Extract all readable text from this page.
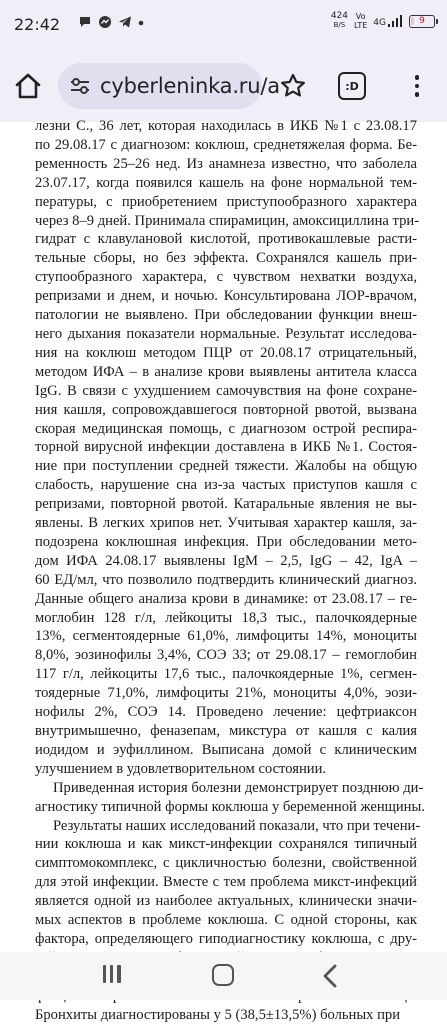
22:42	424
B/S
Vo
LTE 4G	9
cyberleninka.ru/a	:D
лезни С., 36 лет, которая находилась в ИКБ №1 с 23.08.17
по 29.08.17 с диагнозом: коклюш, среднетяжелая форма. Бе-
ременность 25–26 нед. Из анамнеза известно, что заболела
23.07.17, когда появился кашель на фоне нормальной тем-
пературы, с приобретением приступообразного характера
через 8–9 дней. Принимала спирамицин, амоксициллина три-
гидрат с клавулановой кислотой, противокашлевые расти-
тельные сборы, но без эффекта. Сохранялся кашель при-
ступообразного характера, с чувством нехватки воздуха,
репризами и днем, и ночью. Консультирована ЛОР-врачом,
патологии не выявлено. При обследовании функции внеш-
него дыхания показатели нормальные. Результат исследова-
ния на коклюш методом ПЦР от 20.08.17 отрицательный,
методом ИФА – в анализе крови выявлены антитела класса
IgG. В связи с ухудшением самочувствия на фоне сохране-
ния кашля, сопровождавшегося повторной рвотой, вызвана
скорая медицинская помощь, с диагнозом острой респира-
торной вирусной инфекции доставлена в ИКБ №1. Состоя-
ние при поступлении средней тяжести. Жалобы на общую
слабость, нарушение сна из-за частых приступов кашля с
репризами, повторной рвотой. Катаральные явления не вы-
явлены. В легких хрипов нет. Учитывая характер кашля, за-
подозрена коклюшная инфекция. При обследовании мето-
дом ИФА 24.08.17 выявлены IgM – 2,5, IgG – 42, IgA –
60 ЕД/мл, что позволило подтвердить клинический диагноз.
Данные общего анализа крови в динамике: от 23.08.17 – ге-
моглобин 128 г/л, лейкоциты 18,3 тыс., палочкоядерные
13%, сегментоядерные 61,0%, лимфоциты 14%, моноциты
8,0%, эозинофилы 3,4%, СОЭ 33; от 29.08.17 – гемоглобин
117 г/л, лейкоциты 17,6 тыс., палочкоядерные 1%, сегмен-
тоядерные 71,0%, лимфоциты 21%, моноциты 4,0%, эози-
нофилы 2%, СОЭ 14. Проведено лечение: цефтриаксон
внутримышечно, феназепам, микстура от кашля с калия
иодидом и эуфиллином. Выписана домой с клиническим
улучшением в удовлетворительном состоянии.
Приведенная история болезни демонстрирует позднюю ди-
агностику типичной формы коклюша у беременной женщины.
Результаты наших исследований показали, что при течени-
нии коклюша и как микст-инфекции сохранялся типичный
симптомокомплекс, с цикличностью болезни, свойственной
для этой инфекции. Вместе с тем проблема микст-инфекций
является одной из наиболее актуальных, клинически значи-
мых аспектов в проблеме коклюша. С одной стороны, как
фактора, определяющего гиподиагностику коклюша, с дру-
Бронхиты диагностированы у 5 (38,5±13,5%) больных при
